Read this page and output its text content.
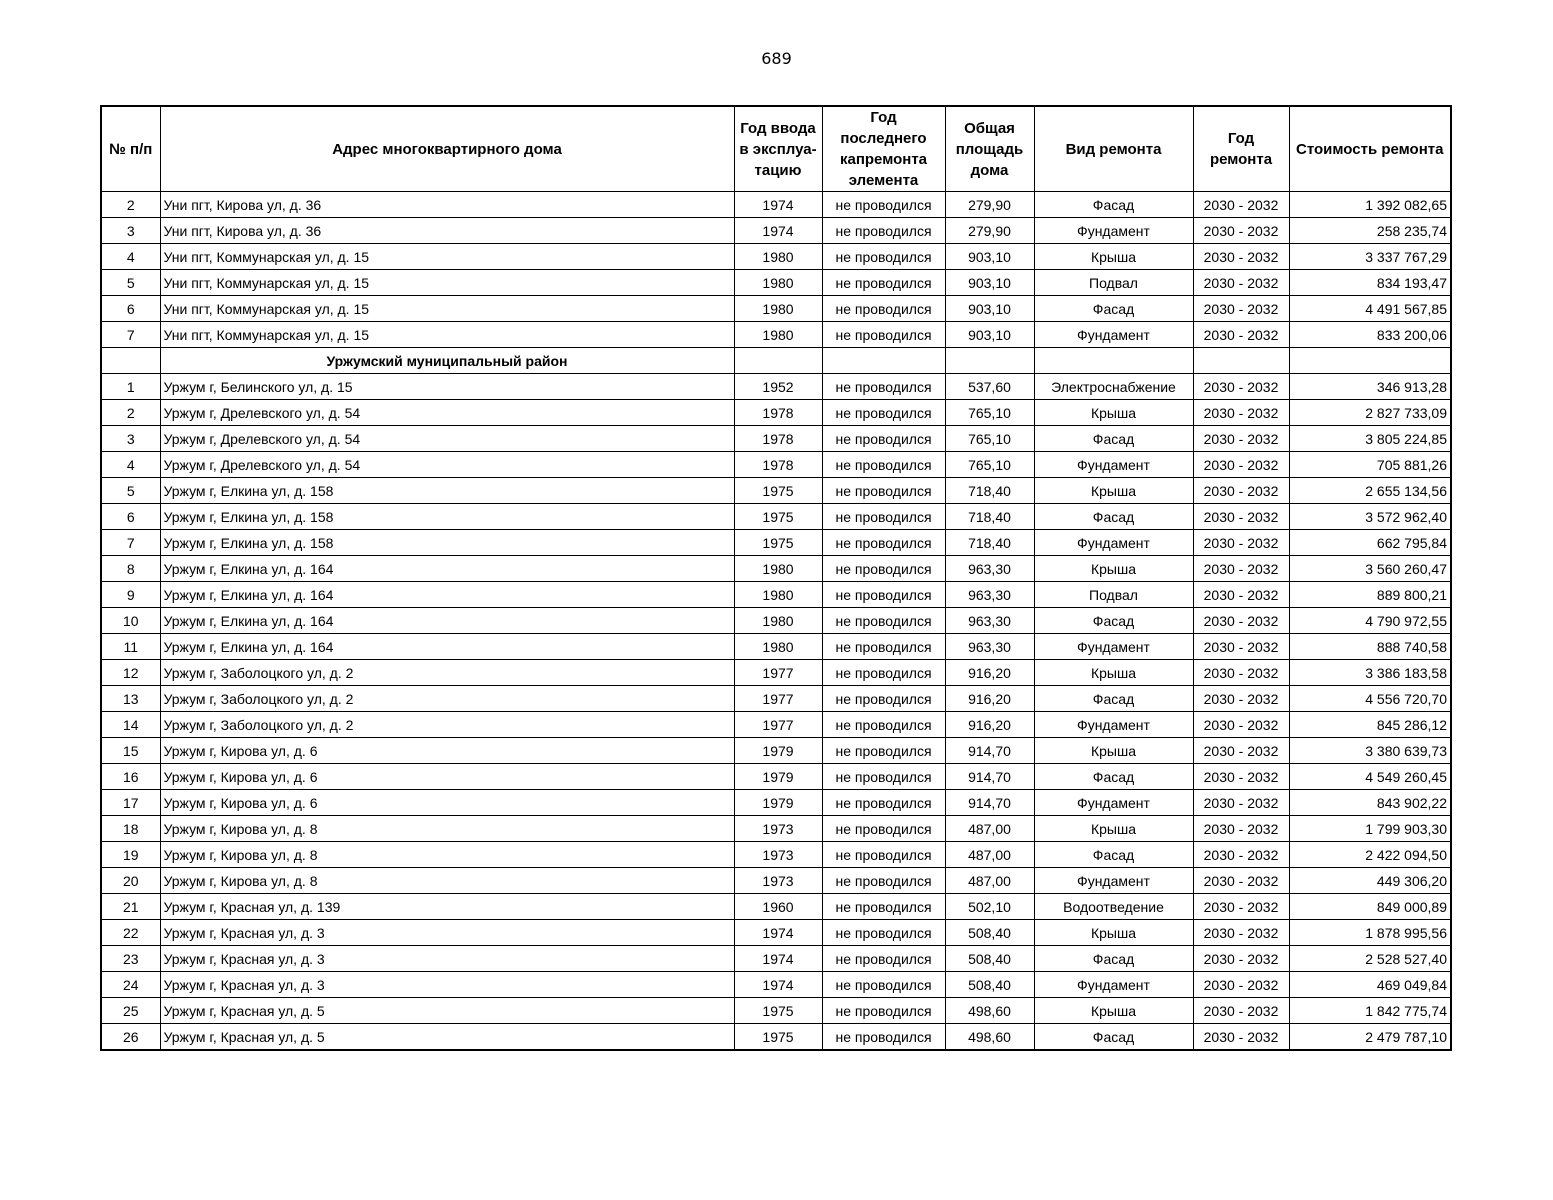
689
№ п/п	Адрес многоквартирного дома	Год ввода в эксплуа-тацию	Год последнего капремонта элемента	Общая площадь дома	Вид ремонта	Год ремонта	Стоимость ремонта
2	Уни пгт, Кирова ул, д. 36	1974	не проводился	279,90	Фасад	2030 - 2032	1 392 082,65
3	Уни пгт, Кирова ул, д. 36	1974	не проводился	279,90	Фундамент	2030 - 2032	258 235,74
4	Уни пгт, Коммунарская ул, д. 15	1980	не проводился	903,10	Крыша	2030 - 2032	3 337 767,29
5	Уни пгт, Коммунарская ул, д. 15	1980	не проводился	903,10	Подвал	2030 - 2032	834 193,47
6	Уни пгт, Коммунарская ул, д. 15	1980	не проводился	903,10	Фасад	2030 - 2032	4 491 567,85
7	Уни пгт, Коммунарская ул, д. 15	1980	не проводился	903,10	Фундамент	2030 - 2032	833 200,06
	Уржумский муниципальный район						
1	Уржум г, Белинского ул, д. 15	1952	не проводился	537,60	Электроснабжение	2030 - 2032	346 913,28
2	Уржум г, Дрелевского ул, д. 54	1978	не проводился	765,10	Крыша	2030 - 2032	2 827 733,09
3	Уржум г, Дрелевского ул, д. 54	1978	не проводился	765,10	Фасад	2030 - 2032	3 805 224,85
4	Уржум г, Дрелевского ул, д. 54	1978	не проводился	765,10	Фундамент	2030 - 2032	705 881,26
5	Уржум г, Елкина ул, д. 158	1975	не проводился	718,40	Крыша	2030 - 2032	2 655 134,56
6	Уржум г, Елкина ул, д. 158	1975	не проводился	718,40	Фасад	2030 - 2032	3 572 962,40
7	Уржум г, Елкина ул, д. 158	1975	не проводился	718,40	Фундамент	2030 - 2032	662 795,84
8	Уржум г, Елкина ул, д. 164	1980	не проводился	963,30	Крыша	2030 - 2032	3 560 260,47
9	Уржум г, Елкина ул, д. 164	1980	не проводился	963,30	Подвал	2030 - 2032	889 800,21
10	Уржум г, Елкина ул, д. 164	1980	не проводился	963,30	Фасад	2030 - 2032	4 790 972,55
11	Уржум г, Елкина ул, д. 164	1980	не проводился	963,30	Фундамент	2030 - 2032	888 740,58
12	Уржум г, Заболоцкого ул, д. 2	1977	не проводился	916,20	Крыша	2030 - 2032	3 386 183,58
13	Уржум г, Заболоцкого ул, д. 2	1977	не проводился	916,20	Фасад	2030 - 2032	4 556 720,70
14	Уржум г, Заболоцкого ул, д. 2	1977	не проводился	916,20	Фундамент	2030 - 2032	845 286,12
15	Уржум г, Кирова ул, д. 6	1979	не проводился	914,70	Крыша	2030 - 2032	3 380 639,73
16	Уржум г, Кирова ул, д. 6	1979	не проводился	914,70	Фасад	2030 - 2032	4 549 260,45
17	Уржум г, Кирова ул, д. 6	1979	не проводился	914,70	Фундамент	2030 - 2032	843 902,22
18	Уржум г, Кирова ул, д. 8	1973	не проводился	487,00	Крыша	2030 - 2032	1 799 903,30
19	Уржум г, Кирова ул, д. 8	1973	не проводился	487,00	Фасад	2030 - 2032	2 422 094,50
20	Уржум г, Кирова ул, д. 8	1973	не проводился	487,00	Фундамент	2030 - 2032	449 306,20
21	Уржум г, Красная ул, д. 139	1960	не проводился	502,10	Водоотведение	2030 - 2032	849 000,89
22	Уржум г, Красная ул, д. 3	1974	не проводился	508,40	Крыша	2030 - 2032	1 878 995,56
23	Уржум г, Красная ул, д. 3	1974	не проводился	508,40	Фасад	2030 - 2032	2 528 527,40
24	Уржум г, Красная ул, д. 3	1974	не проводился	508,40	Фундамент	2030 - 2032	469 049,84
25	Уржум г, Красная ул, д. 5	1975	не проводился	498,60	Крыша	2030 - 2032	1 842 775,74
26	Уржум г, Красная ул, д. 5	1975	не проводился	498,60	Фасад	2030 - 2032	2 479 787,10
